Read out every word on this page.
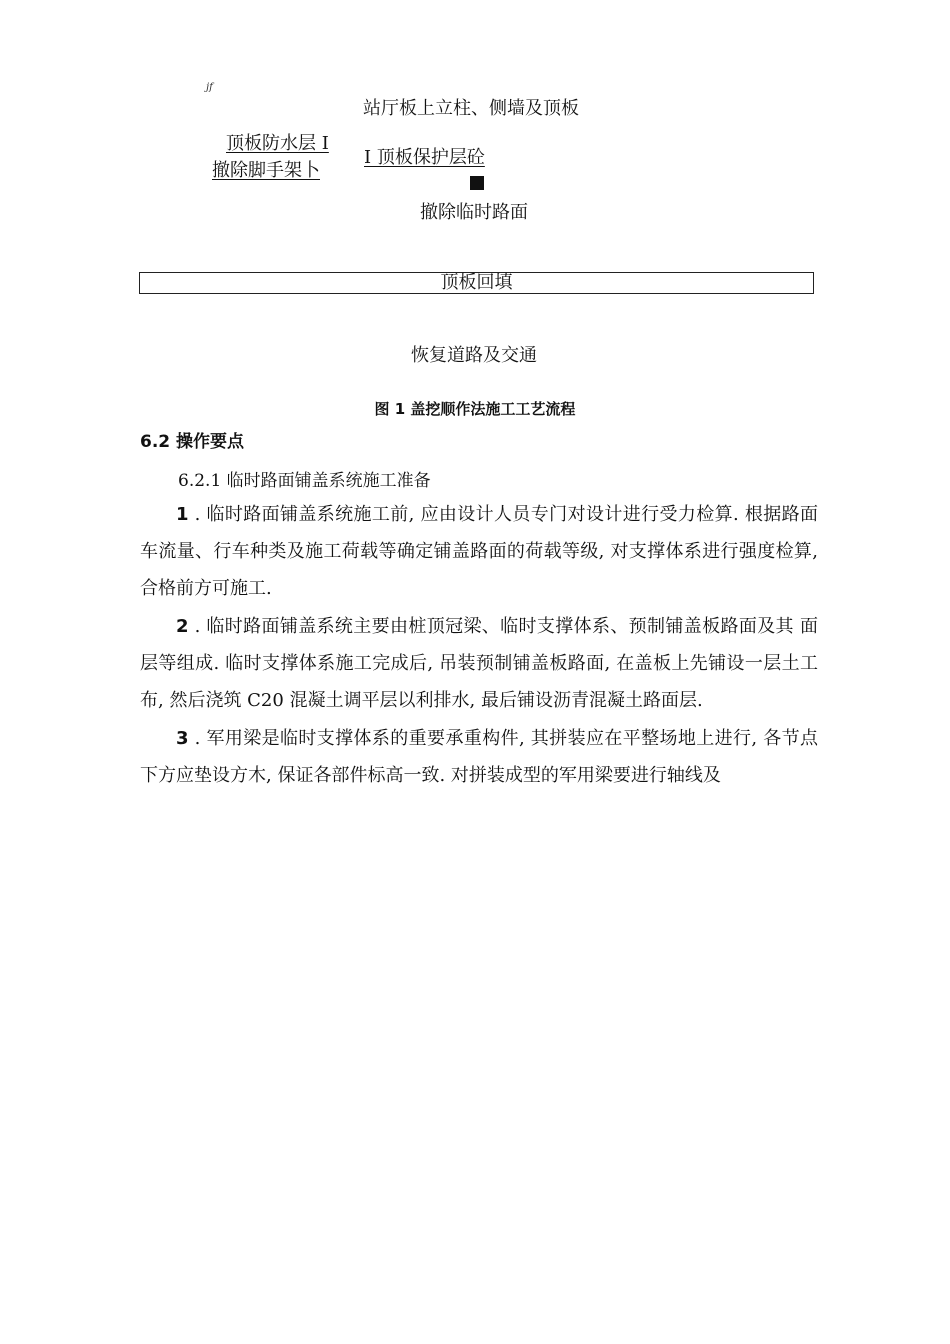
jf
站厅板上立柱、侧墙及顶板
顶板防水层 I
撤除脚手架卜
I 顶板保护层砼
撤除临时路面
顶板回填
恢复道路及交通
图 1 盖挖顺作法施工工艺流程
6.2 操作要点
6.2.1 临时路面铺盖系统施工准备
1 . 临时路面铺盖系统施工前, 应由设计人员专门对设计进行受力检算. 根据路面车流量、行车种类及施工荷载等确定铺盖路面的荷载等级, 对支撑体系进行强度检算, 合格前方可施工.
2 . 临时路面铺盖系统主要由桩顶冠梁、临时支撑体系、预制铺盖板路面及其 面层等组成. 临时支撑体系施工完成后, 吊装预制铺盖板路面, 在盖板上先铺设一层土工布, 然后浇筑 C20 混凝土调平层以利排水, 最后铺设沥青混凝土路面层.
3 . 军用梁是临时支撑体系的重要承重构件, 其拼装应在平整场地上进行, 各节点下方应垫设方木, 保证各部件标高一致. 对拼装成型的军用梁要进行轴线及
